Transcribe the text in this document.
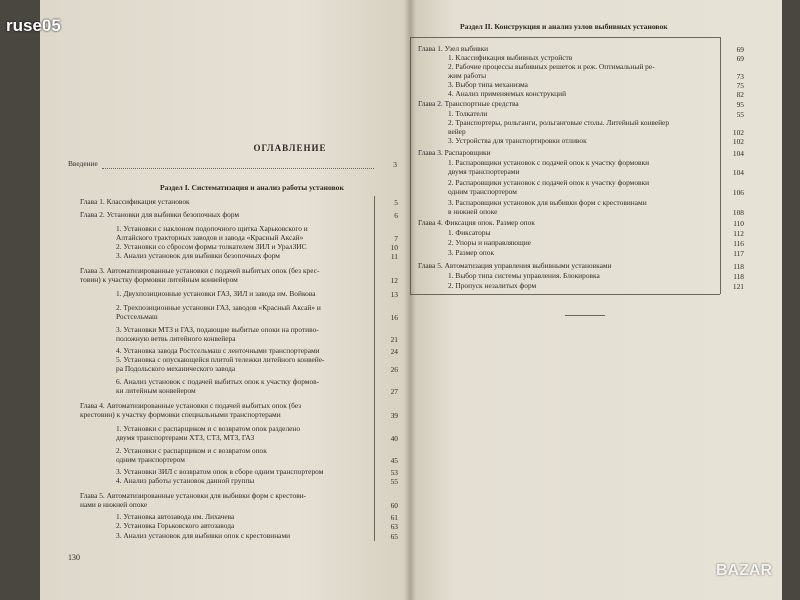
ОГЛАВЛЕНИЕ
Введение	3
Раздел I. Систематизация и анализ работы установок
Глава 1. Классификация установок	5
Глава 2. Установки для выбивки безопочных форм	6
1. Установки с наклоном подопочного щитка Харьковского и
Алтайского тракторных заводов и завода «Красный Аксай»	7
2. Установки со сбросом формы толкателем ЗИЛ и УралЗИС	10
3. Анализ установок для выбивки безопочных форм	11
Глава 3. Автоматизированные установки с подачей выбитых опок (без крес-
товин) к участку формовки литейным конвейером	12
1. Двухпозиционные установки ГАЗ, ЗИЛ и завода им. Войкова	13
2. Трехпозиционные установки ГАЗ, заводов «Красный Аксай» и
Ростсельмаш	16
3. Установки МТЗ и ГАЗ, подающие выбитые опоки на противо-
положную ветвь литейного конвейера	21
4. Установка завода Ростсельмаш с ленточными транспортерами	24
5. Установка с опускающейся плитой тележки литейного конвейе-
ра Подольского механического завода	26
6. Анализ установок с подачей выбитых опок к участку формов-
ки литейным конвейером	27
Глава 4. Автоматизированные установки с подачей выбитых опок (без
крестовин) к участку формовки специальными транспортерами	39
1. Установки с распарщиком и с возвратом опок разделено
двумя транспортерами ХТЗ, СТЗ, МТЗ, ГАЗ	40
2. Установки с распарщиком и с возвратом опок
одним транспортером	45
3. Установки ЗИЛ с возвратом опок в сборе одним транспортером	53
4. Анализ работы установок данной группы	55
Глава 5. Автоматизированные установки для выбивки форм с крестови-
нами в нижней опоке	60
1. Установка автозавода им. Лихачева	61
2. Установка Горьковского автозавода	63
3. Анализ установок для выбивки опок с крестовинами	65
130
Раздел II. Конструкция и анализ узлов выбивных установок
Глава 1. Узел выбивки	69
1. Классификация выбивных устройств	69
2. Рабочие процессы выбивных решеток и реж. Оптимальный ре-
жим работы	73
3. Выбор типа механизма	75
4. Анализ применяемых конструкций	82
Глава 2. Транспортные средства	95
1. Толкатели	55
2. Транспортеры, рольганги, рольганговые столы. Литейный конвейер
вейер	102
3. Устройства для транспортировки отливок	102
Глава 3. Распаровщики	104
1. Распаровщики установок с подачей опок к участку формовки
двумя транспортерами	104
2. Распаровщики установок с подачей опок к участку формовки
одним транспортером	106
3. Распаровщики установок для выбивки форм с крестовинами
в нижней опоке	108
Глава 4. Фиксация опок. Размер опок	110
1. Фиксаторы	112
2. Упоры и направляющие	116
3. Размер опок	117
Глава 5. Автоматизация управления выбивными установками	118
1. Выбор типа системы управления. Блокировка	118
2. Пропуск незалитых форм	121
ruse05
BAZAR
